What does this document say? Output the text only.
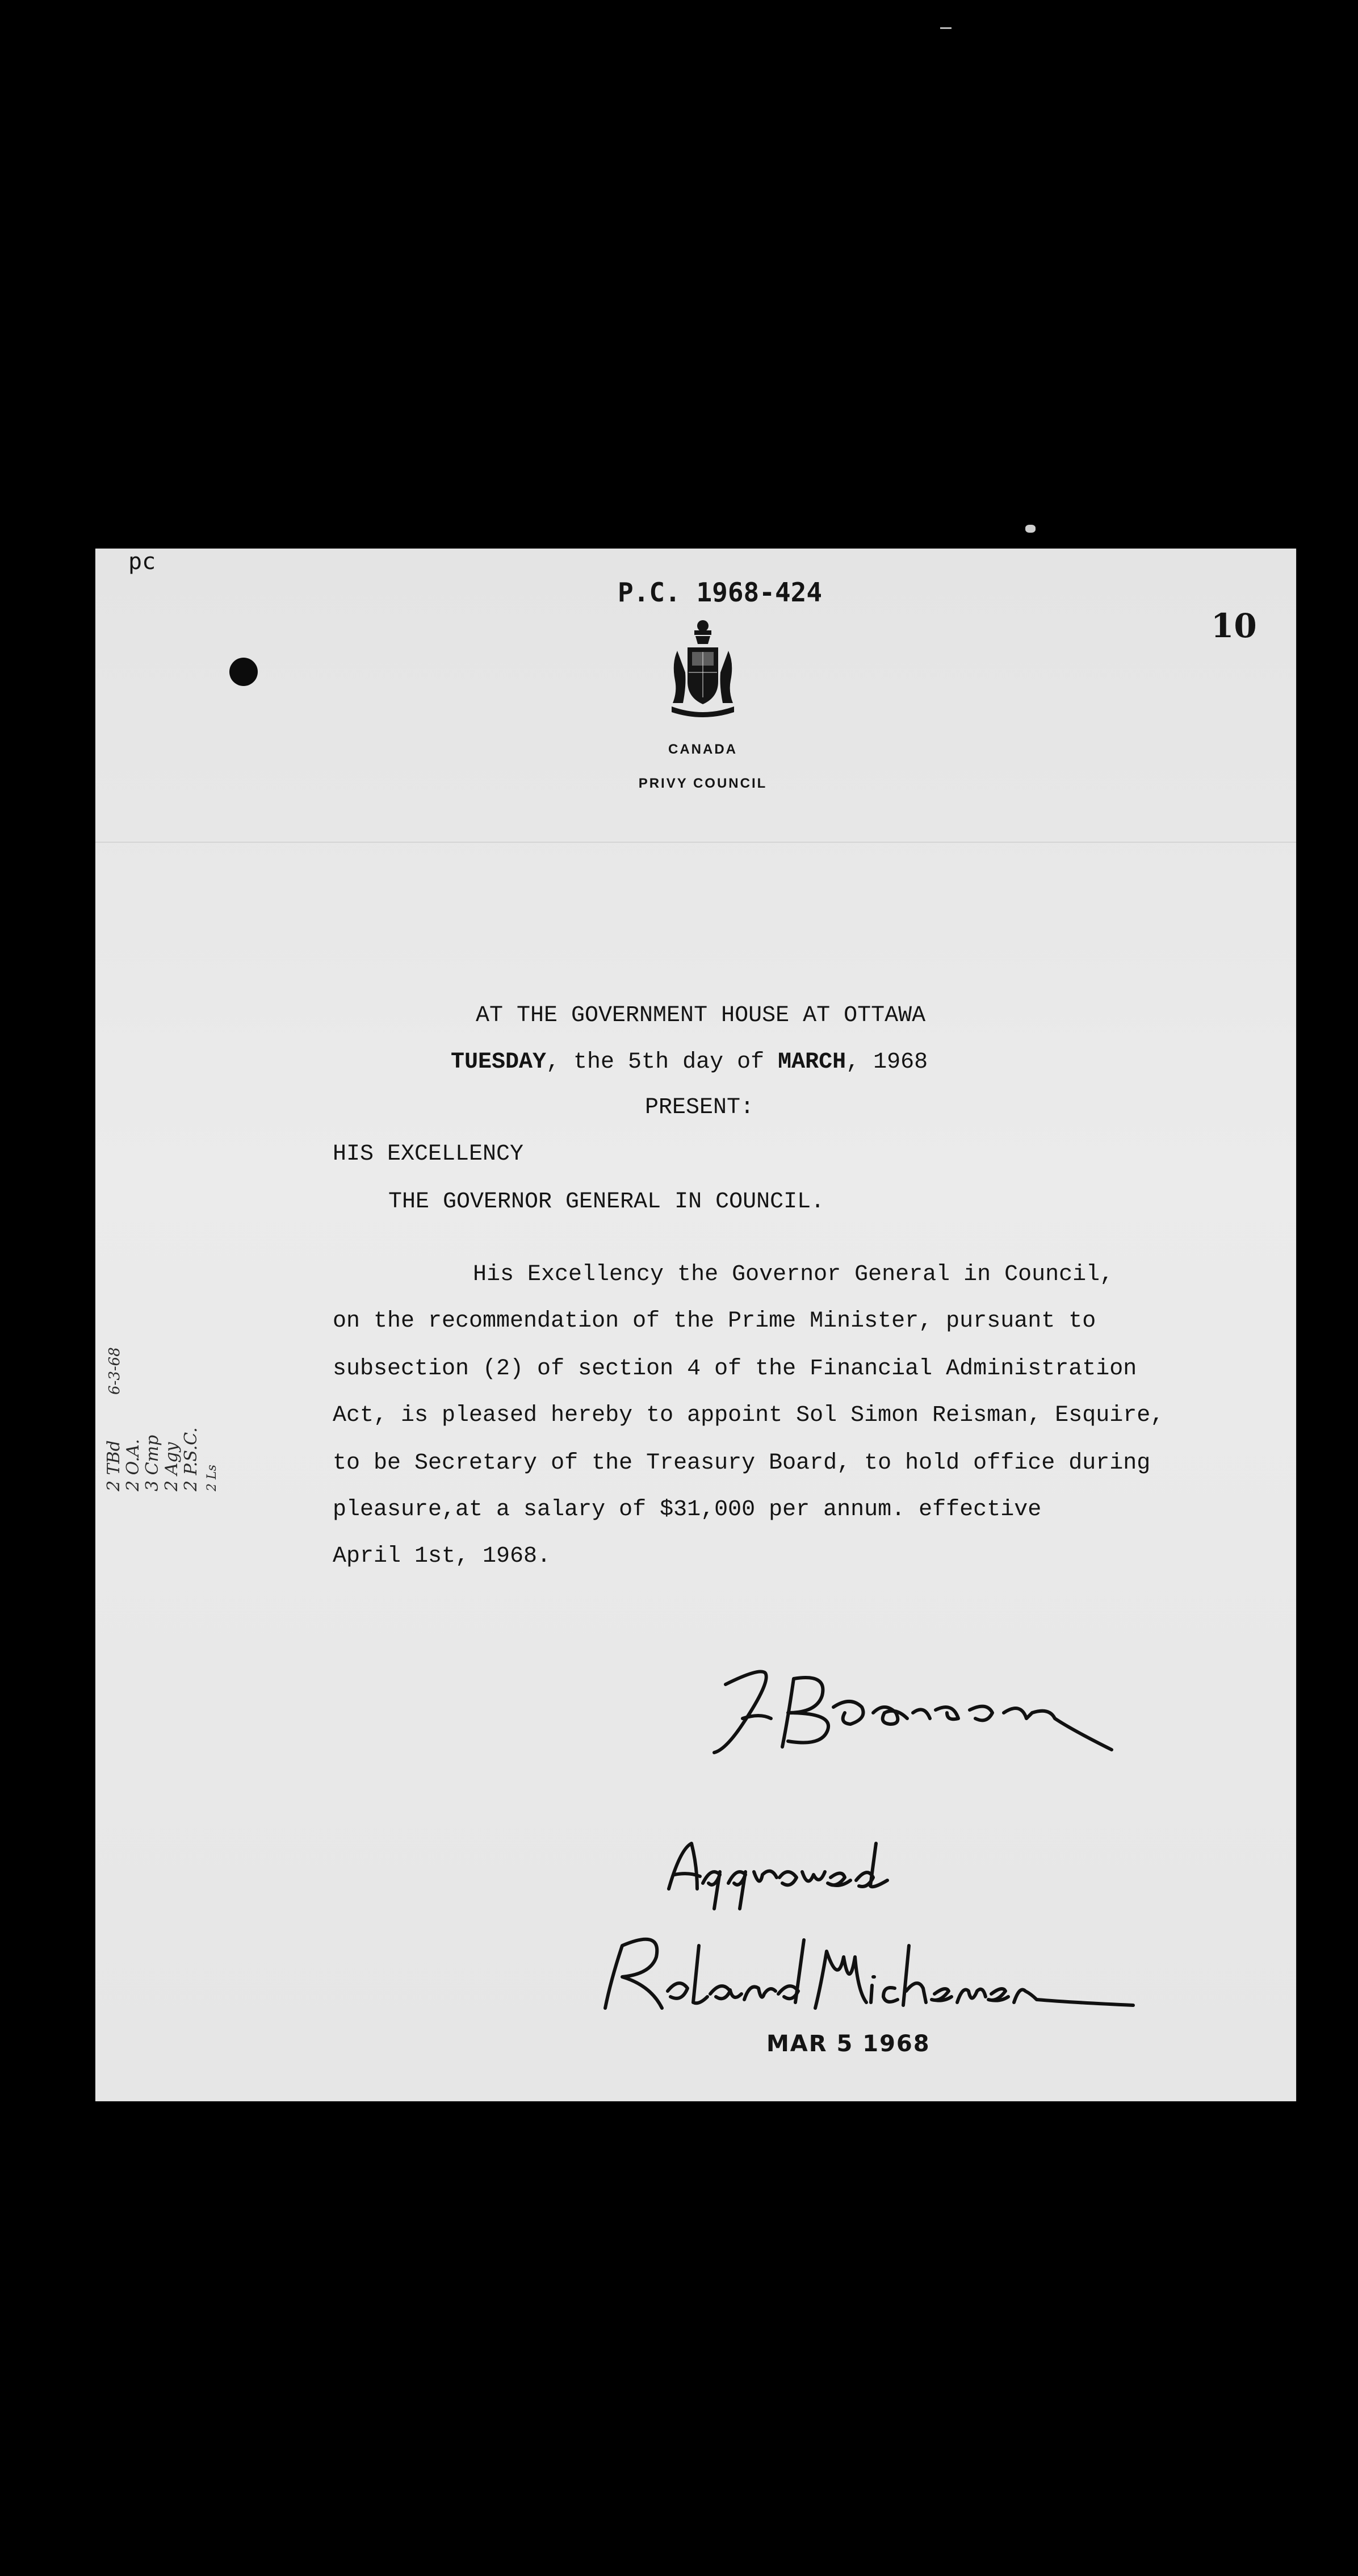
pc
P.C. 1968-424
10
CANADA
PRIVY COUNCIL
AT THE GOVERNMENT HOUSE AT OTTAWA
TUESDAY, the 5th day of MARCH, 1968
PRESENT:
HIS EXCELLENCY
THE GOVERNOR GENERAL IN COUNCIL.
His Excellency the Governor General in Council,
on the recommendation of the Prime Minister, pursuant to
subsection (2) of section 4 of the Financial Administration
Act, is pleased hereby to appoint Sol Simon Reisman, Esquire,
to be Secretary of the Treasury Board, to hold office during
pleasure,at a salary of $31,000 per annum. effective
April 1st, 1968.
2 TBd 2 O.A. 3 Cmp 2 Agy 2 P.S.C. 2 Ls
6-3-68
MAR 5 1968
